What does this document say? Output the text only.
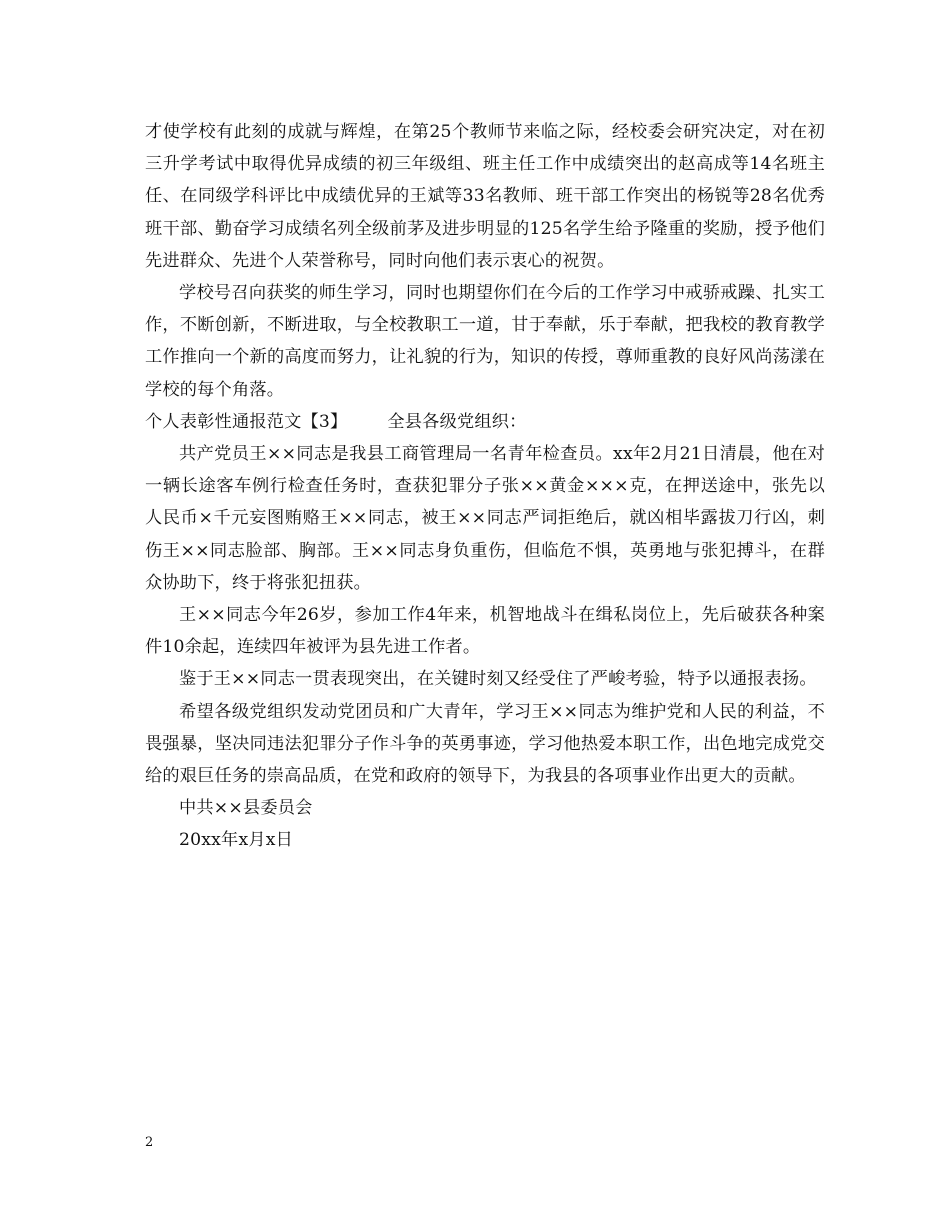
才使学校有此刻的成就与辉煌，在第25个教师节来临之际，经校委会研究决定，对在初三升学考试中取得优异成绩的初三年级组、班主任工作中成绩突出的赵高成等14名班主任、在同级学科评比中成绩优异的王斌等33名教师、班干部工作突出的杨锐等28名优秀班干部、勤奋学习成绩名列全级前茅及进步明显的125名学生给予隆重的奖励，授予他们先进群众、先进个人荣誉称号，同时向他们表示衷心的祝贺。

学校号召向获奖的师生学习，同时也期望你们在今后的工作学习中戒骄戒躁、扎实工作，不断创新，不断进取，与全校教职工一道，甘于奉献，乐于奉献，把我校的教育教学工作推向一个新的高度而努力，让礼貌的行为，知识的传授，尊师重教的良好风尚荡漾在学校的每个角落。

个人表彰性通报范文【3】 全县各级党组织：

共产党员王××同志是我县工商管理局一名青年检查员。xx年2月21日清晨，他在对一辆长途客车例行检查任务时，查获犯罪分子张××黄金×××克，在押送途中，张先以人民币×千元妄图贿赂王××同志，被王××同志严词拒绝后，就凶相毕露拔刀行凶，刺伤王××同志脸部、胸部。王××同志身负重伤，但临危不惧，英勇地与张犯搏斗，在群众协助下，终于将张犯扭获。

王××同志今年26岁，参加工作4年来，机智地战斗在缉私岗位上，先后破获各种案件10余起，连续四年被评为县先进工作者。

鉴于王××同志一贯表现突出，在关键时刻又经受住了严峻考验，特予以通报表扬。

希望各级党组织发动党团员和广大青年，学习王××同志为维护党和人民的利益，不畏强暴，坚决同违法犯罪分子作斗争的英勇事迹，学习他热爱本职工作，出色地完成党交给的艰巨任务的崇高品质，在党和政府的领导下，为我县的各项事业作出更大的贡献。

中共××县委员会

20xx年x月x日

2
